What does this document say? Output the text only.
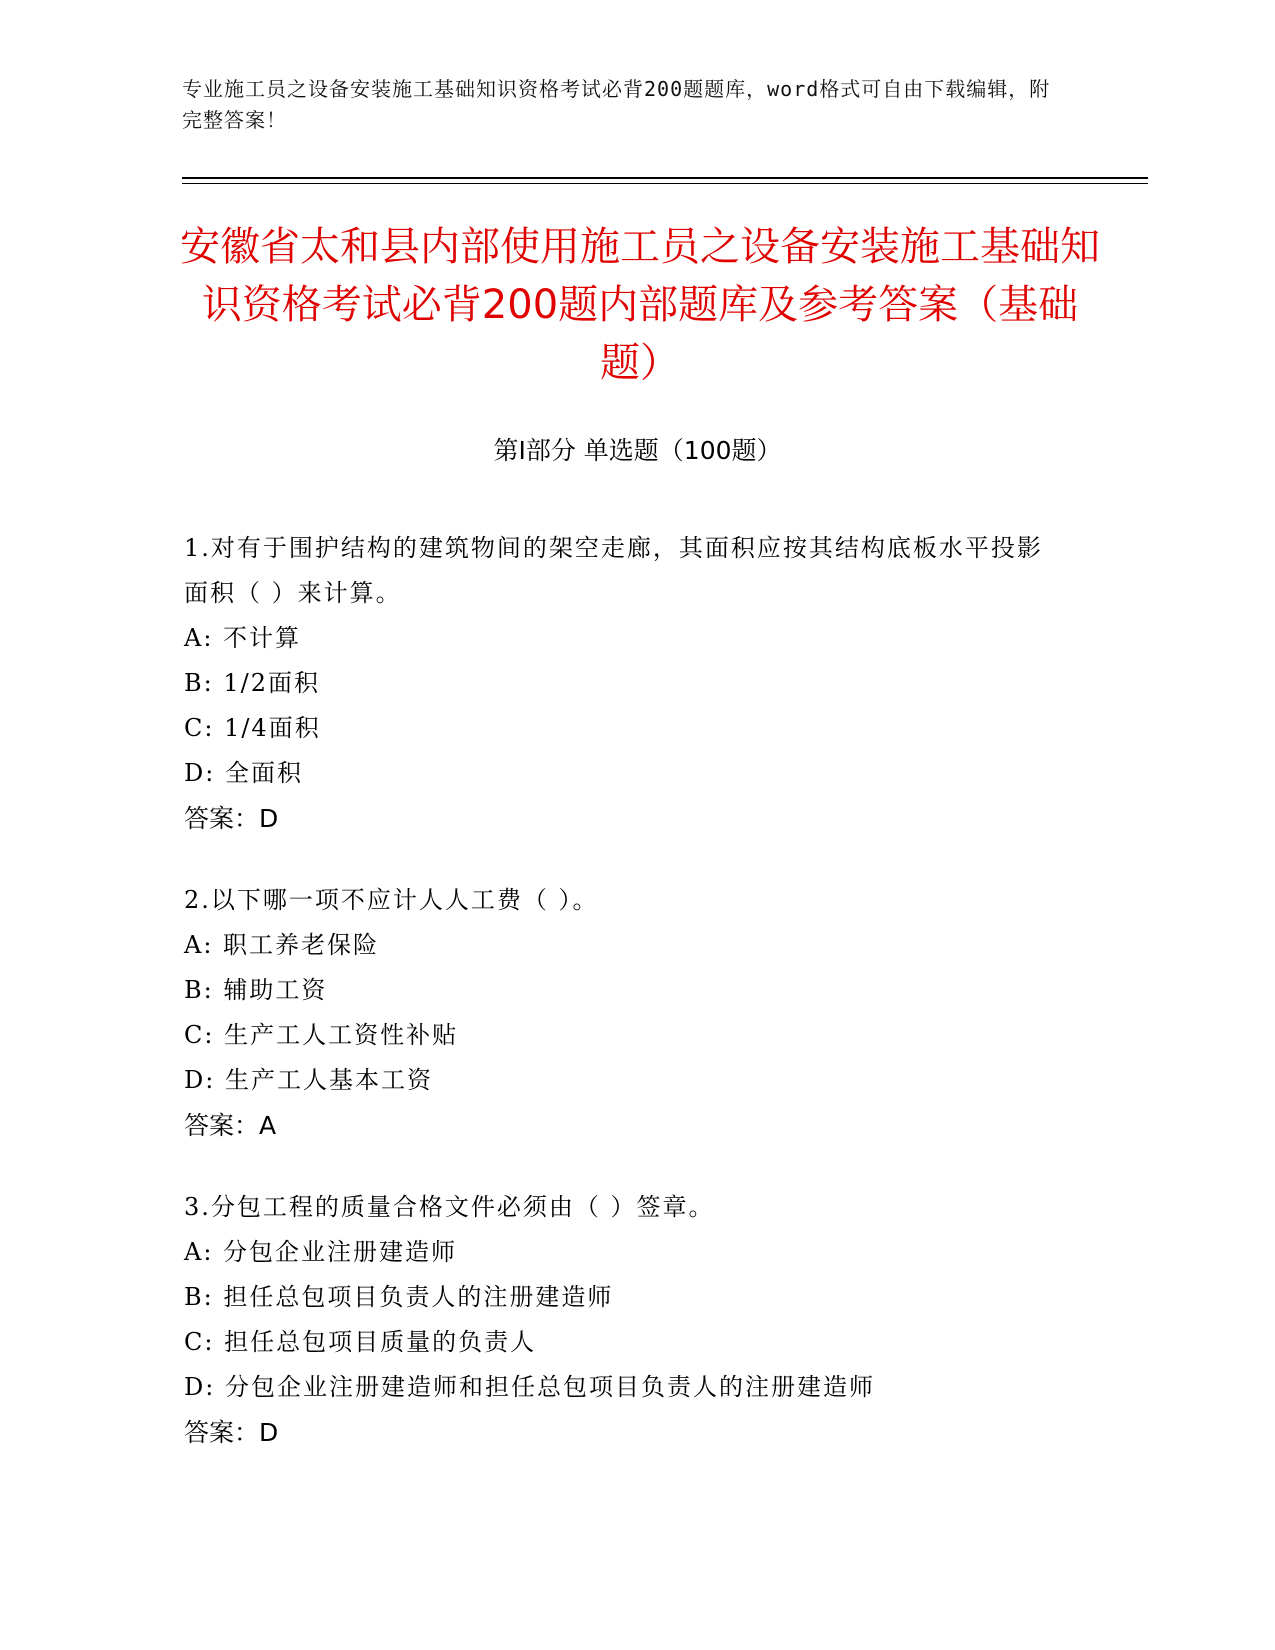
专业施工员之设备安装施工基础知识资格考试必背200题题库，word格式可自由下载编辑，附完整答案！
安徽省太和县内部使用施工员之设备安装施工基础知识资格考试必背200题内部题库及参考答案（基础题）
第Ⅰ部分 单选题（100题）
1.对有于围护结构的建筑物间的架空走廊，其面积应按其结构底板水平投影面积（ ）来计算。
A: 不计算
B: 1/2面积
C: 1/4面积
D: 全面积
答案：D
2.以下哪一项不应计人人工费（ ）。
A: 职工养老保险
B: 辅助工资
C: 生产工人工资性补贴
D: 生产工人基本工资
答案：A
3.分包工程的质量合格文件必须由（ ）签章。
A: 分包企业注册建造师
B: 担任总包项目负责人的注册建造师
C: 担任总包项目质量的负责人
D: 分包企业注册建造师和担任总包项目负责人的注册建造师
答案：D
